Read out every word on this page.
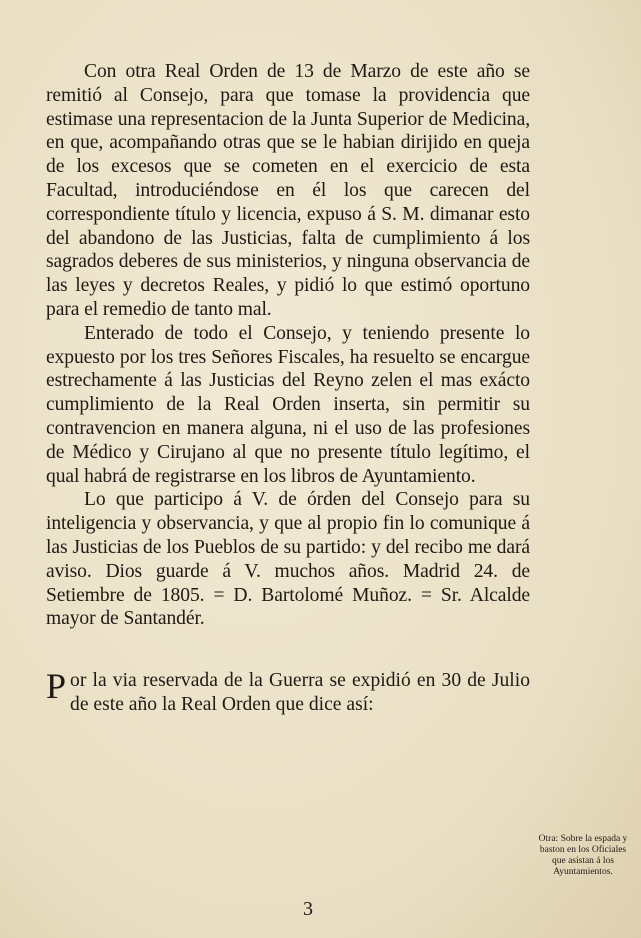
Con otra Real Orden de 13 de Marzo de este año se remitió al Consejo, para que tomase la providencia que estimase una representacion de la Junta Superior de Medicina, en que, acompañando otras que se le habian dirijido en queja de los excesos que se cometen en el exercicio de esta Facultad, introduciéndose en él los que carecen del correspondiente título y licencia, expuso á S. M. dimanar esto del abandono de las Justicias, falta de cumplimiento á los sagrados deberes de sus ministerios, y ninguna observancia de las leyes y decretos Reales, y pidió lo que estimó oportuno para el remedio de tanto mal.

Enterado de todo el Consejo, y teniendo presente lo expuesto por los tres Señores Fiscales, ha resuelto se encargue estrechamente á las Justicias del Reyno zelen el mas exácto cumplimiento de la Real Orden inserta, sin permitir su contravencion en manera alguna, ni el uso de las profesiones de Médico y Cirujano al que no presente título legítimo, el qual habrá de registrarse en los libros de Ayuntamiento.

Lo que participo á V. de órden del Consejo para su inteligencia y observancia, y que al propio fin lo comunique á las Justicias de los Pueblos de su partido: y del recibo me dará aviso. Dios guarde á V. muchos años. Madrid 24. de Setiembre de 1805. = D. Bartolomé Muñoz. = Sr. Alcalde mayor de Santandér.

Por la via reservada de la Guerra se expidió en 30 de Julio de este año la Real Orden que dice así:

Otra: Sobre la espada y baston en los Oficiales que asistan á los Ayuntamientos.
3
